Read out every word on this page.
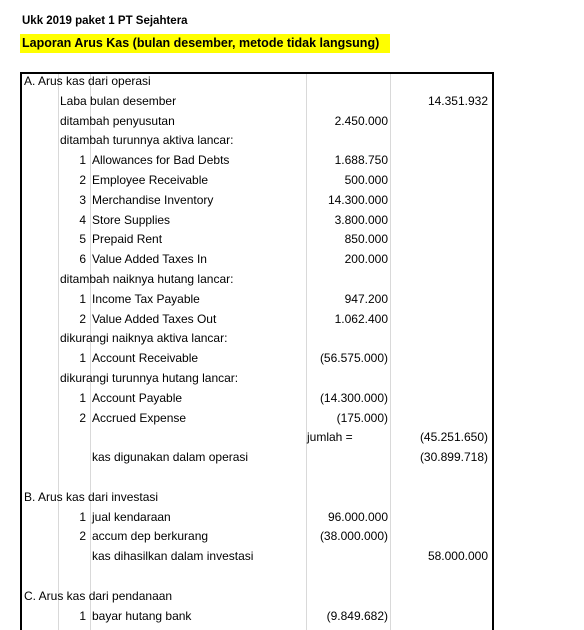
Ukk 2019 paket 1 PT Sejahtera
Laporan Arus Kas (bulan desember, metode tidak langsung)
A. Arus kas dari operasi
Laba bulan desember	14.351.932
ditambah penyusutan	2.450.000
ditambah turunnya aktiva lancar:
1 Allowances for Bad Debts	1.688.750
2 Employee Receivable	500.000
3 Merchandise Inventory	14.300.000
4 Store Supplies	3.800.000
5 Prepaid Rent	850.000
6 Value Added Taxes In	200.000
ditambah naiknya hutang lancar:
1 Income Tax Payable	947.200
2 Value Added Taxes Out	1.062.400
dikurangi naiknya aktiva lancar:
1 Account Receivable	(56.575.000)
dikurangi turunnya hutang lancar:
1 Account Payable	(14.300.000)
2 Accrued Expense	(175.000)
jumlah =	(45.251.650)
kas digunakan dalam operasi	(30.899.718)
B. Arus kas dari investasi
1 jual kendaraan	96.000.000
2 accum dep berkurang	(38.000.000)
kas dihasilkan dalam investasi	58.000.000
C. Arus kas dari pendanaan
1 bayar hutang bank	(9.849.682)
